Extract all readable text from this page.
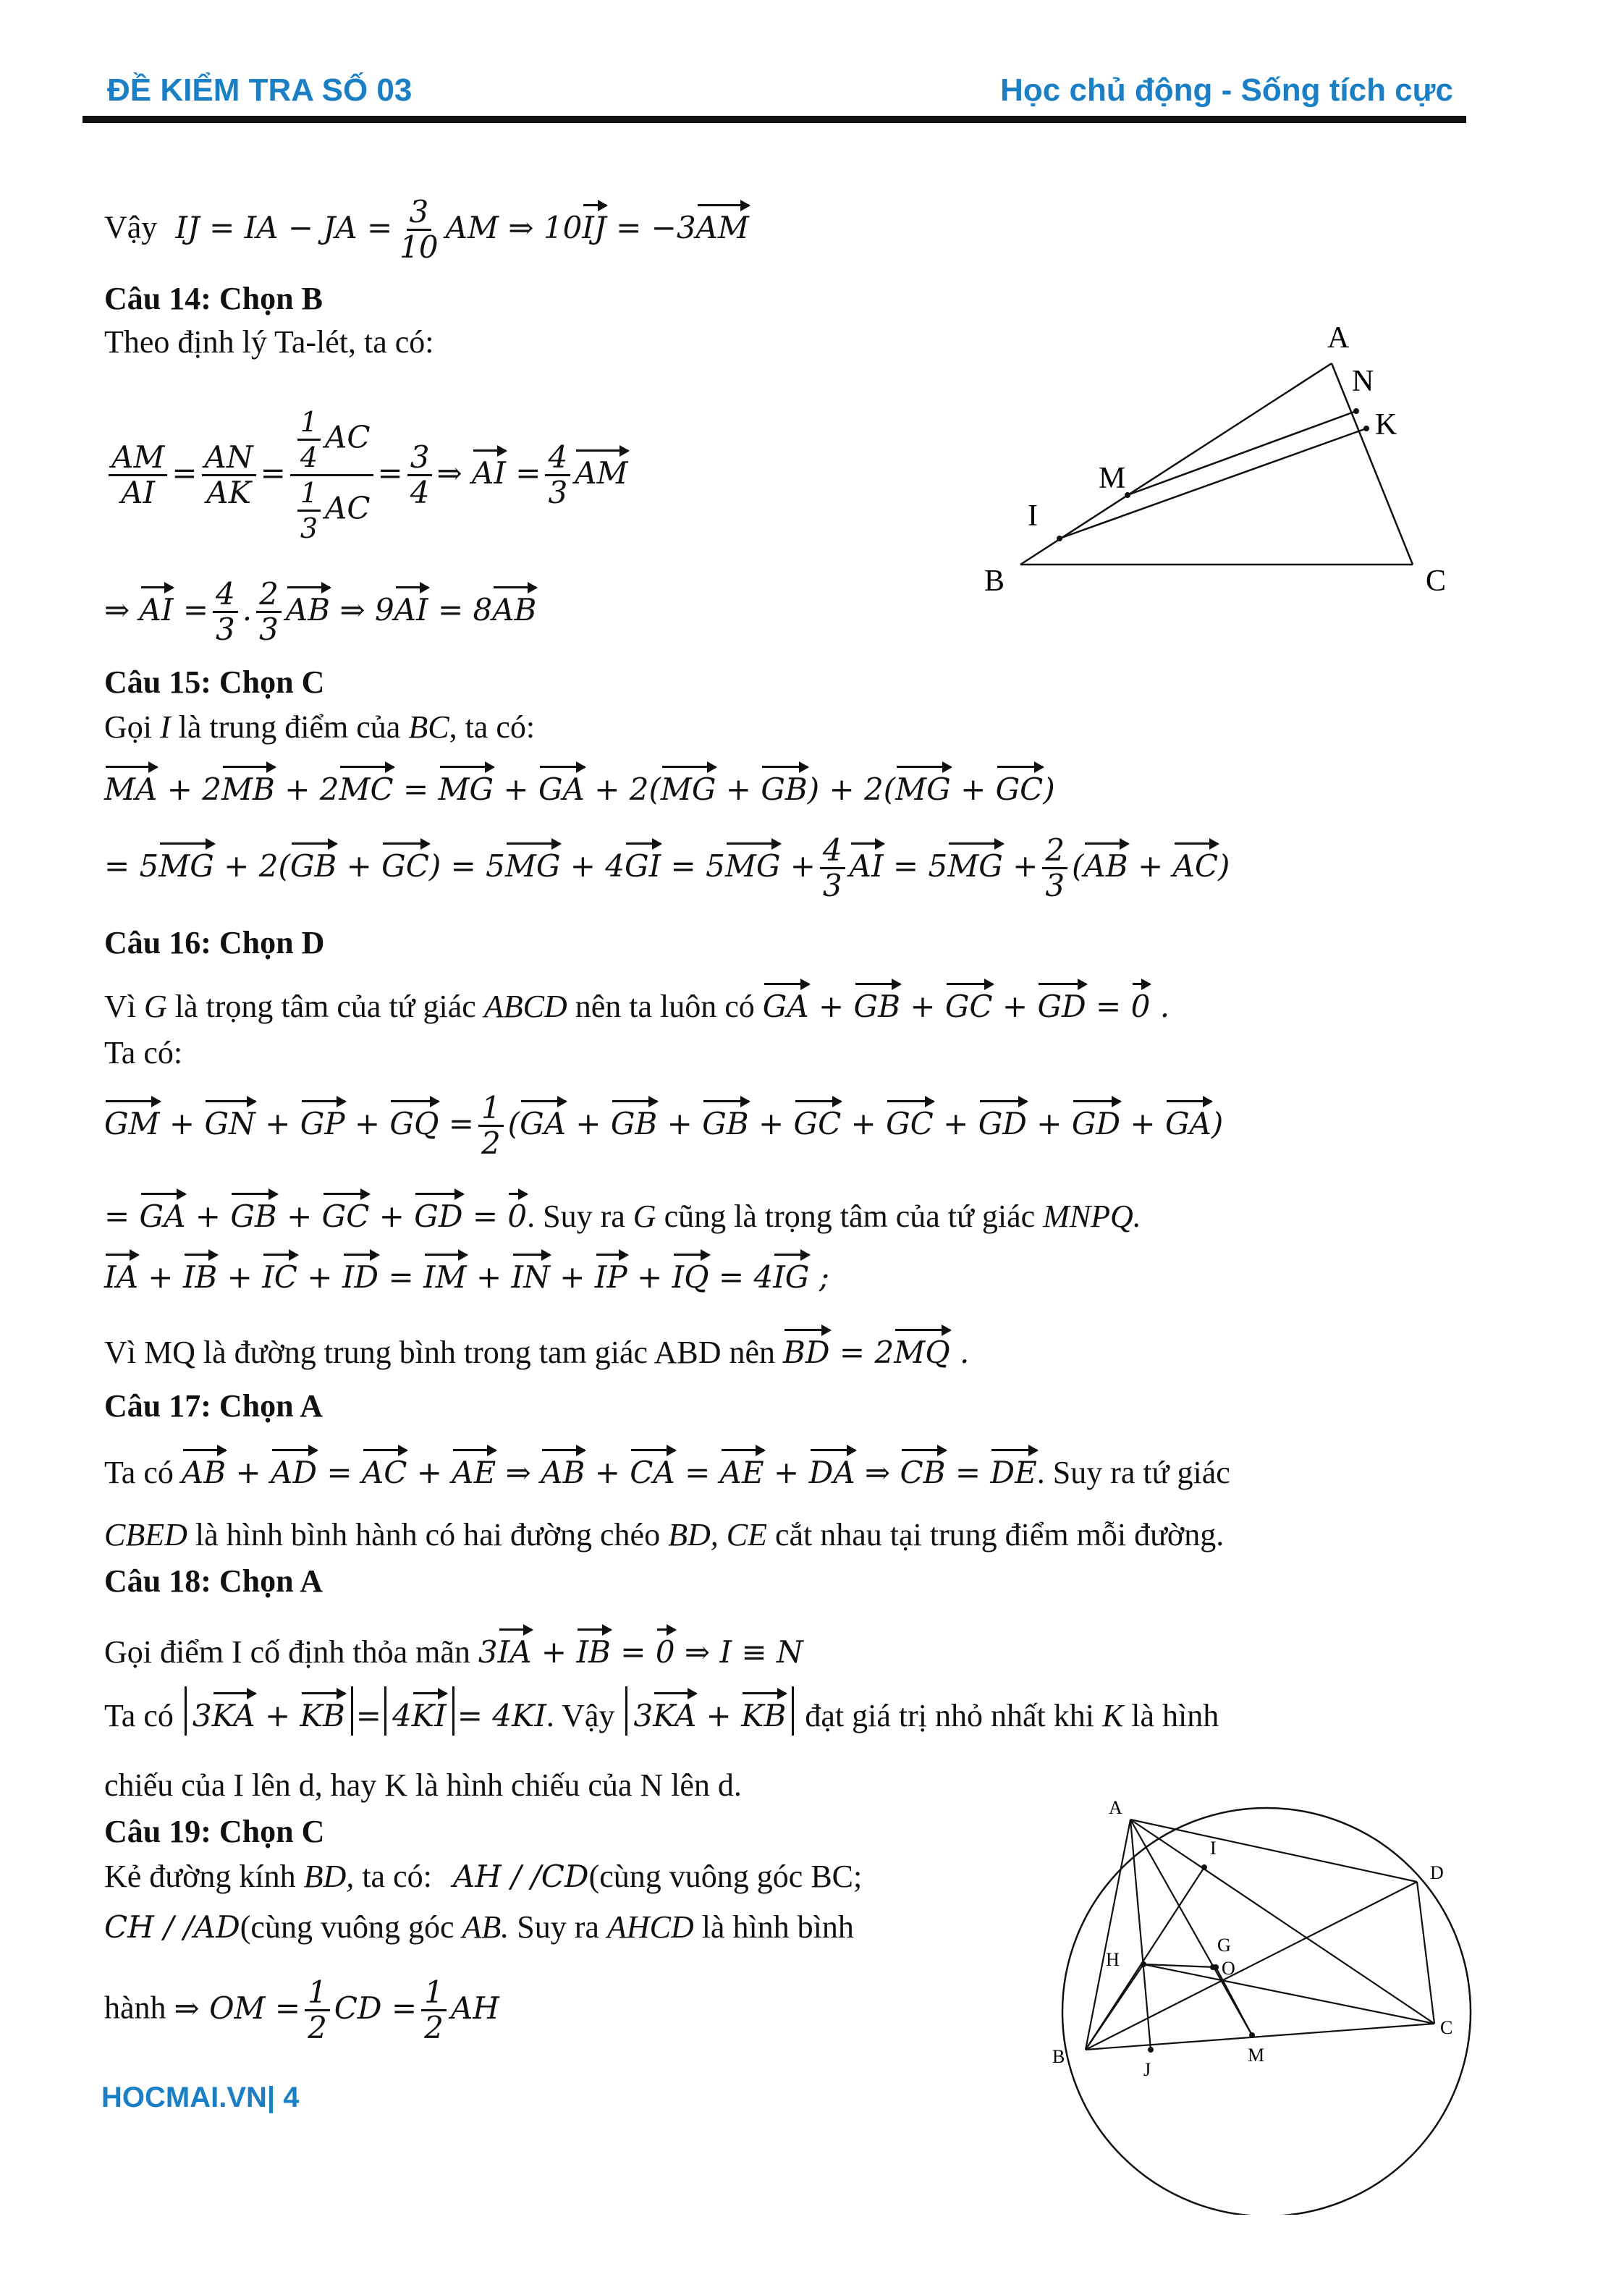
ĐỀ KIỂM TRA SỐ 03	Học chủ động - Sống tích cực
Vậy IJ = IA − JA = $\frac{3}{10}$ AM ⇒ 10IJ = −3AM
Câu 14: Chọn B
Theo định lý Ta-lét, ta có:
$\frac{AM}{AI} = \frac{AN}{AK} = \frac{\frac{1}{4} AC}{\frac{1}{3} AC} = \frac{3}{4}$ ⇒ AI = $\frac{4}{3}$ AM
⇒ AI = $\frac{4}{3}$ . $\frac{2}{3}$ AB ⇒ 9AI = 8AB
A
N
K
M
I
B	C
Câu 15: Chọn C
Gọi I là trung điểm của BC, ta có:
MA + 2MB + 2MC = MG + GA + 2(MG + GB) + 2(MG + GC)
= $5MG + 2(GB + GC) = 5MG + 4GI = 5MG + \frac{4}{3}$ AI = $5MG + \frac{2}{3} (AB + AC)$
Câu 16: Chọn D
Vì G là trọng tâm của tứ giác ABCD nên ta luôn có GA + GB + GC + GD = 0 .
Ta có:
GM + GN + GP + GQ = $\frac{1}{2} (GA$ + GB + GB + GC + GC + GD + GD + GA)
= GA + GB + GC + GD = 0. Suy ra G cũng là trọng tâm của tứ giác MNPQ.
IA + IB + IC + ID = IM + IN + IP + IQ = 4IG ;
Vì MQ là đường trung bình trong tam giác ABD nên BD = 2MQ .
Câu 17: Chọn A
Ta có AB + AD = AC + AE ⇒ AB + CA = AE + DA ⇒ CB = DE. Suy ra tứ giác
CBED là hình bình hành có hai đường chéo BD, CE cắt nhau tại trung điểm mỗi đường.
Câu 18: Chọn A
Gọi điểm I cố định thỏa mãn 3IA + IB = 0 ⇒ I ≡ N
Ta có 3KA + KB = 4KI = 4KI. Vậy 3KA + KB đạt giá trị nhỏ nhất khi K là hình
chiếu của I lên d, hay K là hình chiếu của N lên d.
Câu 19: Chọn C
Kẻ đường kính BD, ta có: AH / /CD(cùng vuông góc BC;
CH / /AD(cùng vuông góc AB. Suy ra AHCD là hình bình
hành ⇒ OM = $\frac{1}{2}$ CD = $\frac{1}{2}$ AH
A
I
D
H
G
O
C
B
J
M
HOCMAI.VN| 4
